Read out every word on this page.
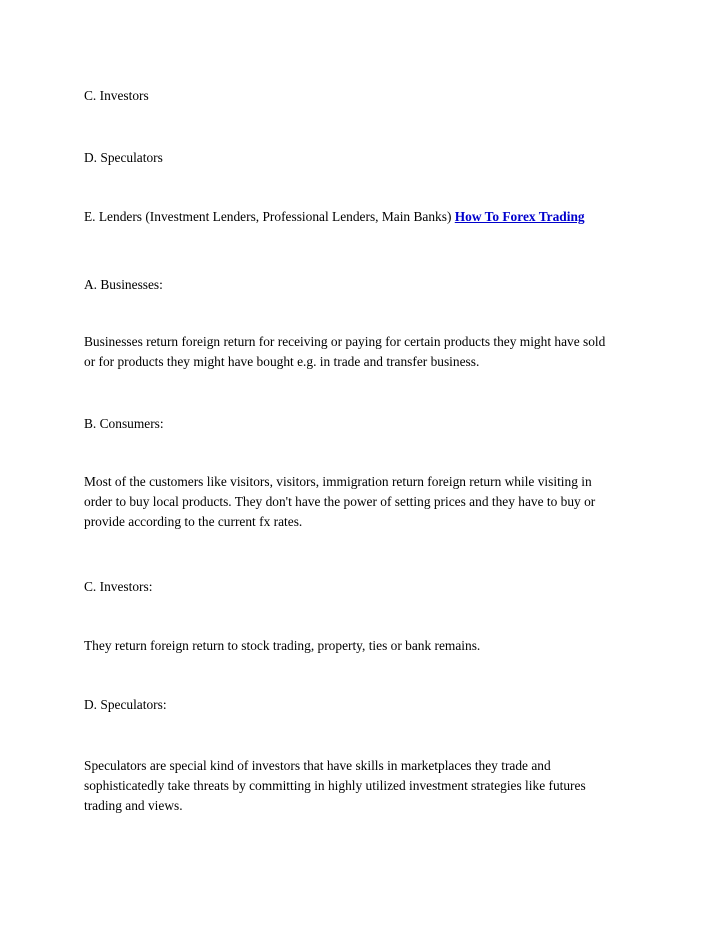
C. Investors

D. Speculators

E. Lenders (Investment Lenders, Professional Lenders, Main Banks) How To Forex Trading

A. Businesses:

Businesses return foreign return for receiving or paying for certain products they might have sold

or for products they might have bought e.g. in trade and transfer business.

B. Consumers:

Most of the customers like visitors, visitors, immigration return foreign return while visiting in

order to buy local products. They don't have the power of setting prices and they have to buy or

provide according to the current fx rates.

C. Investors:

They return foreign return to stock trading, property, ties or bank remains.

D. Speculators:

Speculators are special kind of investors that have skills in marketplaces they trade and

sophisticatedly take threats by committing in highly utilized investment strategies like futures

trading and views.
